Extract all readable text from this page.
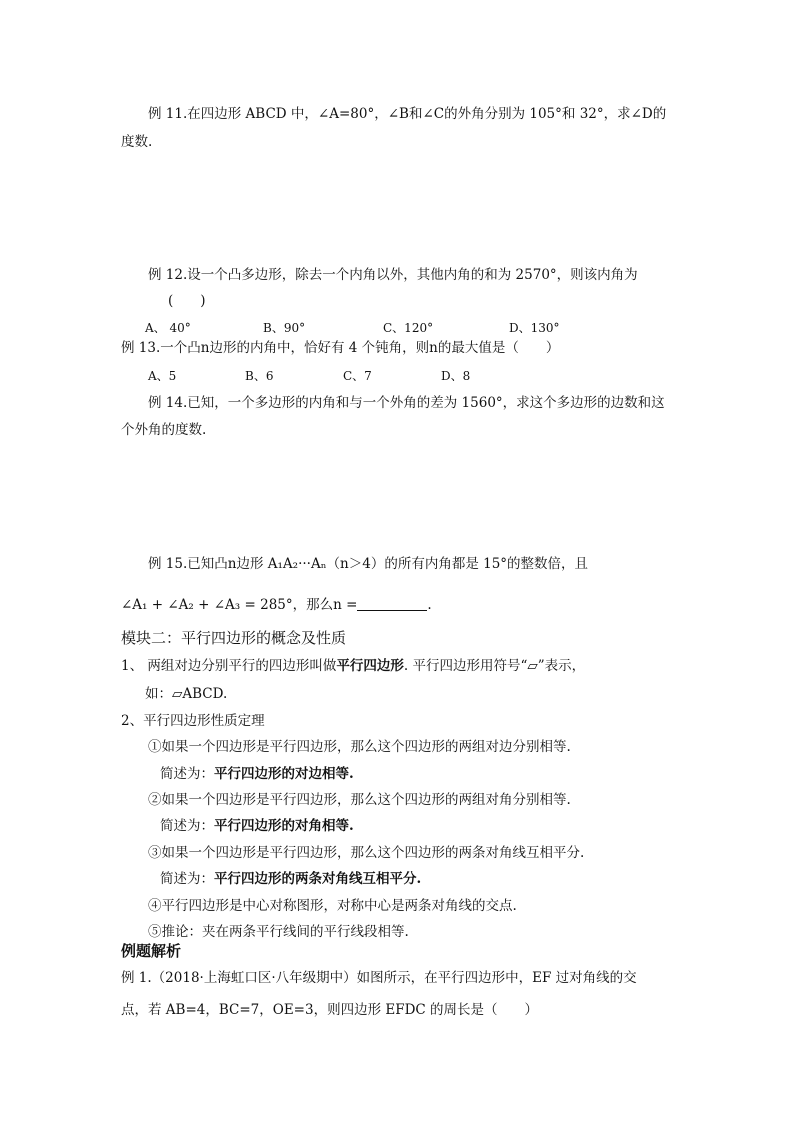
例 11.在四边形 ABCD 中，∠A=80°，∠B和∠C的外角分别为 105°和 32°，求∠D的
度数.
例 12.设一个凸多边形，除去一个内角以外，其他内角的和为 2570°，则该内角为
(　　)
A、 40°	B、90°	C、120°	D、130°
例 13.一个凸n边形的内角中，恰好有 4 个钝角，则n的最大值是（　　）
A、5	B、6	C、7	D、8
例 14.已知，一个多边形的内角和与一个外角的差为 1560°，求这个多边形的边数和这
个外角的度数.
例 15.已知凸n边形 A₁A₂···Aₙ（n＞4）的所有内角都是 15°的整数倍，且
∠A₁ + ∠A₂ + ∠A₃ = 285°，那么n =	.
模块二：平行四边形的概念及性质
1、 两组对边分别平行的四边形叫做平行四边形. 平行四边形用符号“▱”表示，
如：▱ABCD.
2、平行四边形性质定理
①如果一个四边形是平行四边形，那么这个四边形的两组对边分别相等.
简述为：平行四边形的对边相等.
②如果一个四边形是平行四边形，那么这个四边形的两组对角分别相等.
简述为：平行四边形的对角相等.
③如果一个四边形是平行四边形，那么这个四边形的两条对角线互相平分.
简述为：平行四边形的两条对角线互相平分.
④平行四边形是中心对称图形，对称中心是两条对角线的交点.
⑤推论：夹在两条平行线间的平行线段相等.
例题解析
例 1.（2018·上海虹口区·八年级期中）如图所示，在平行四边形中，EF 过对角线的交
点，若 AB=4，BC=7，OE=3，则四边形 EFDC 的周长是（　　）
